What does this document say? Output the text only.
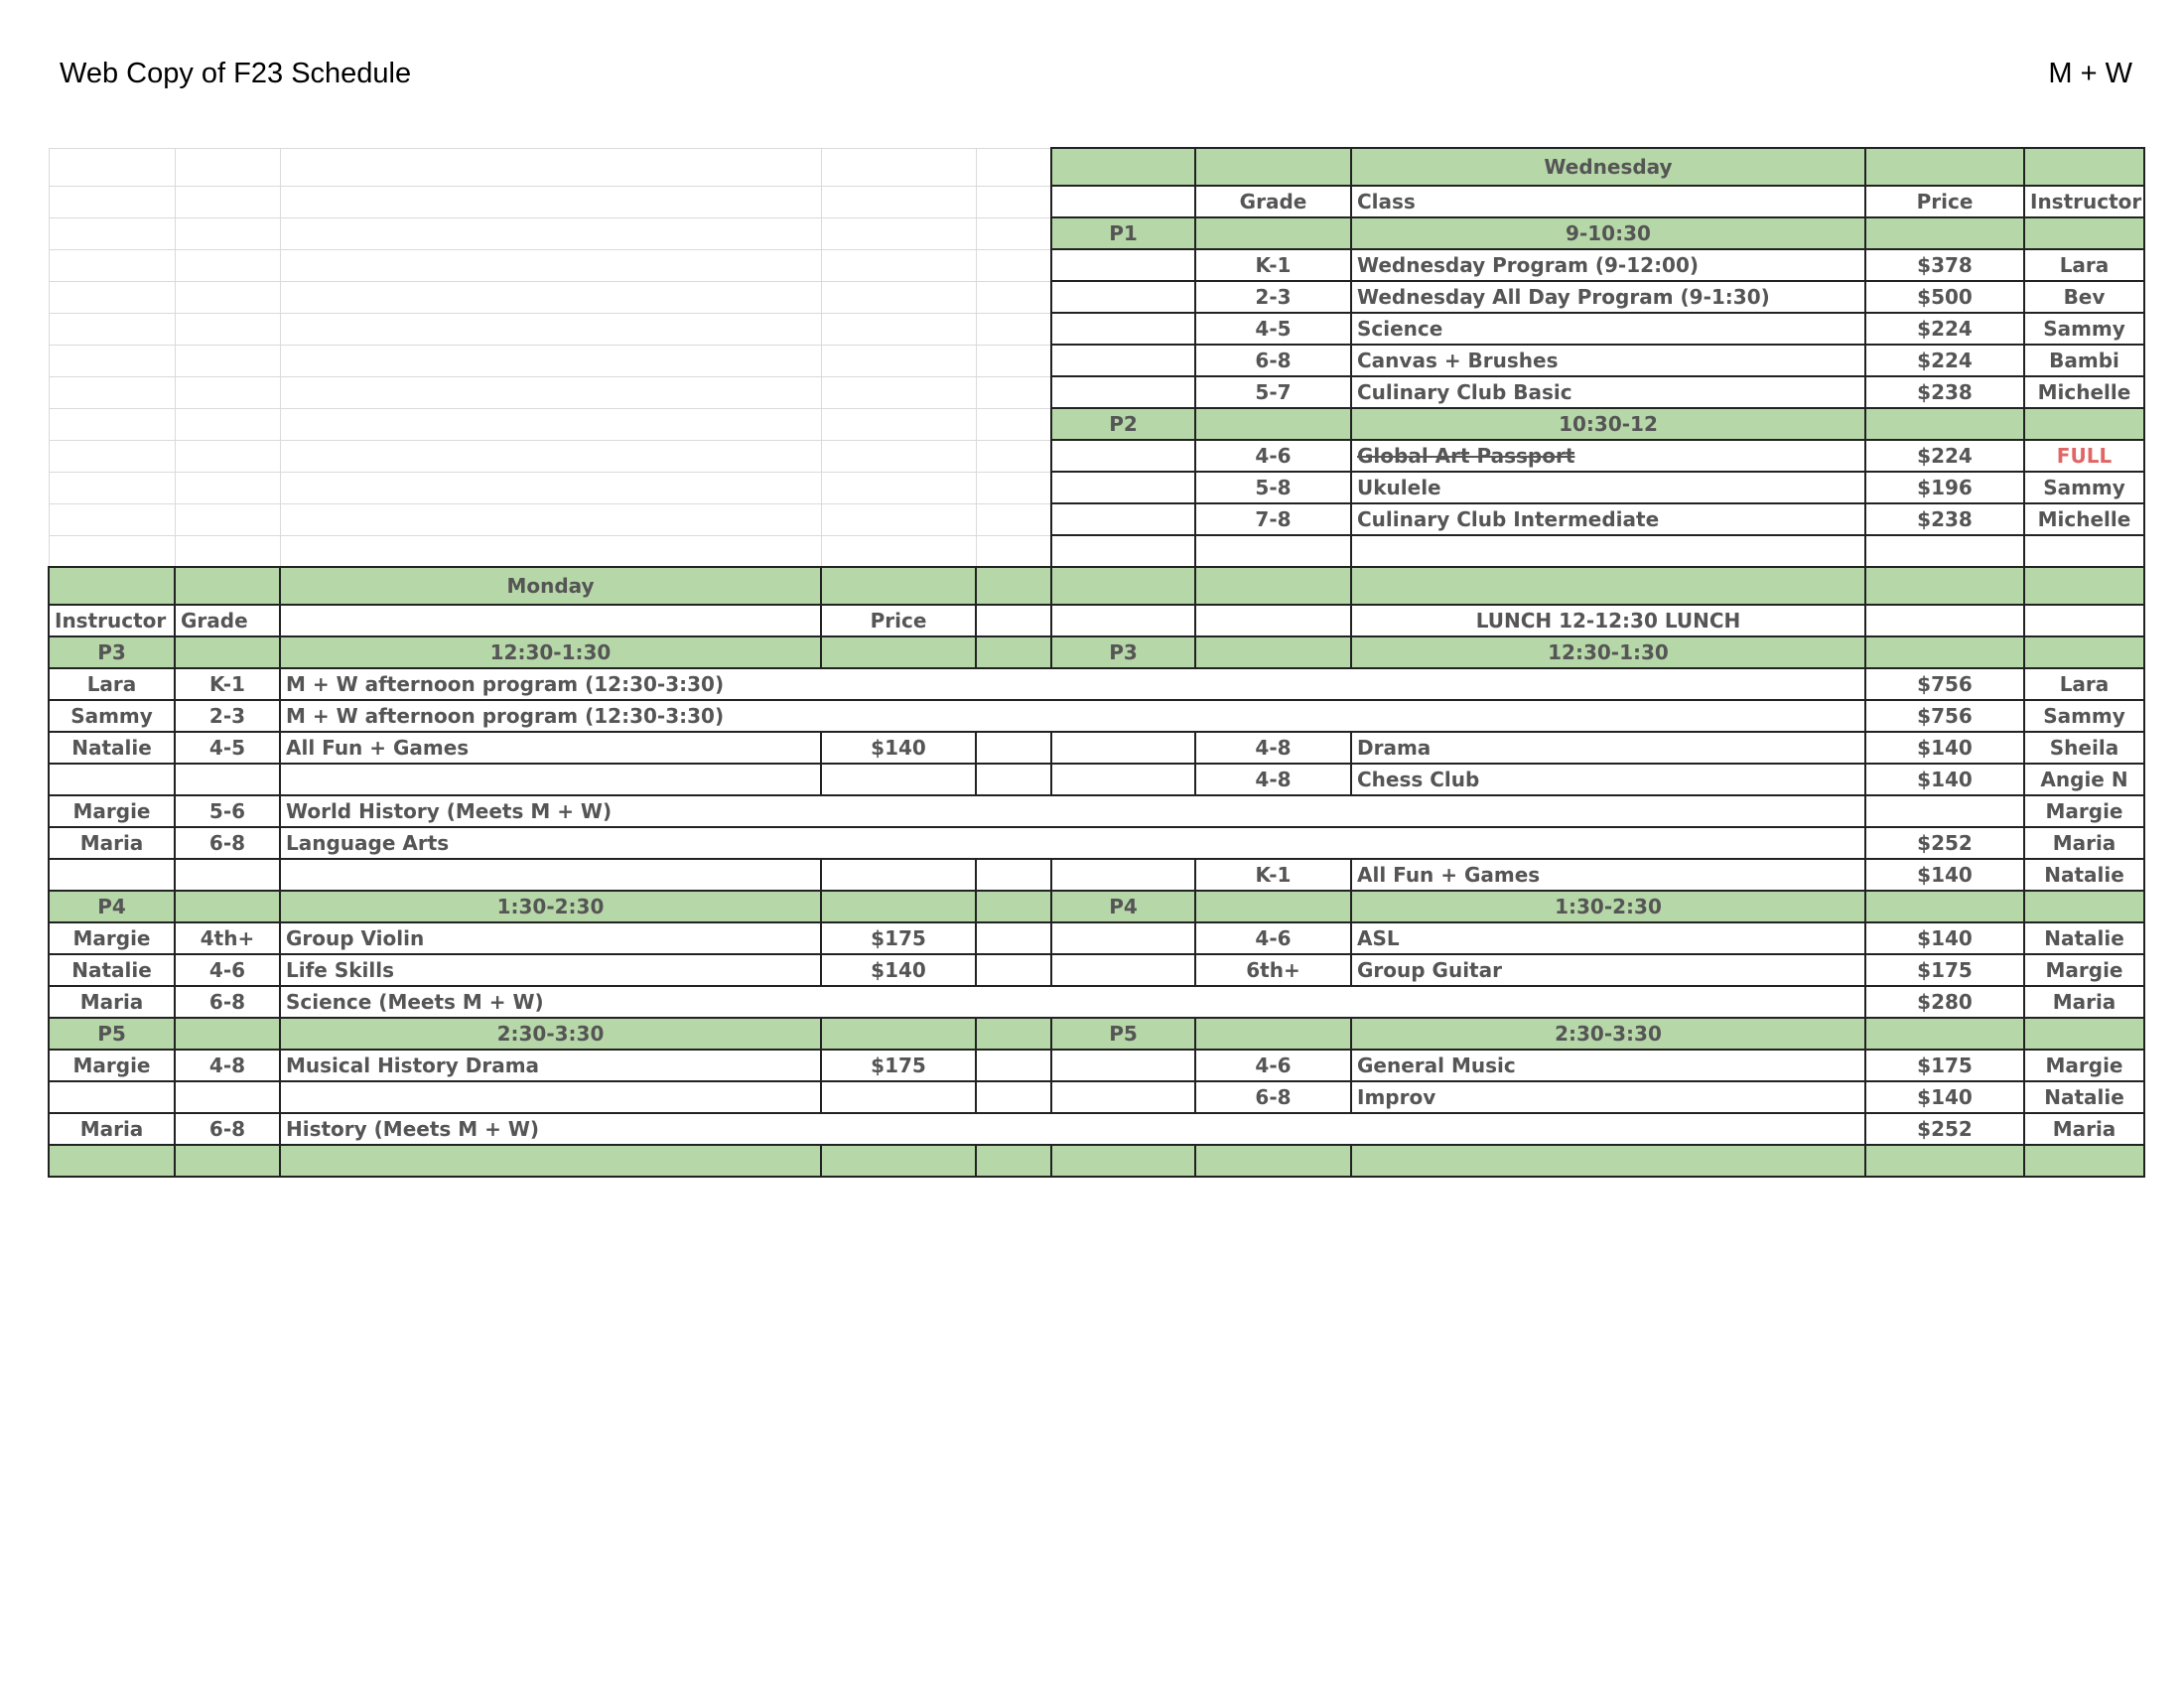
Web Copy of F23 Schedule	M + W
							Wednesday		
						Grade	Class	Price	Instructor
					P1		9-10:30		
						K-1	Wednesday Program (9-12:00)	$378	Lara
						2-3	Wednesday All Day Program (9-1:30)	$500	Bev
						4-5	Science	$224	Sammy
						6-8	Canvas + Brushes	$224	Bambi
						5-7	Culinary Club Basic	$238	Michelle
					P2		10:30-12		
						4-6	Global Art Passport	$224	FULL
						5-8	Ukulele	$196	Sammy
						7-8	Culinary Club Intermediate	$238	Michelle

		Monday							
Instructor	Grade		Price				LUNCH 12-12:30 LUNCH		
P3		12:30-1:30			P3		12:30-1:30		
Lara	K-1	M + W afternoon program (12:30-3:30)						$756	Lara
Sammy	2-3	M + W afternoon program (12:30-3:30)						$756	Sammy
Natalie	4-5	All Fun + Games	$140			4-8	Drama	$140	Sheila
						4-8	Chess Club	$140	Angie N
Margie	5-6	World History (Meets M + W)							Margie
Maria	6-8	Language Arts						$252	Maria
						K-1	All Fun + Games	$140	Natalie
P4		1:30-2:30			P4		1:30-2:30		
Margie	4th+	Group Violin	$175			4-6	ASL	$140	Natalie
Natalie	4-6	Life Skills	$140			6th+	Group Guitar	$175	Margie
Maria	6-8	Science (Meets M + W)						$280	Maria
P5		2:30-3:30			P5		2:30-3:30		
Margie	4-8	Musical History Drama	$175			4-6	General Music	$175	Margie
						6-8	Improv	$140	Natalie
Maria	6-8	History (Meets M + W)						$252	Maria
